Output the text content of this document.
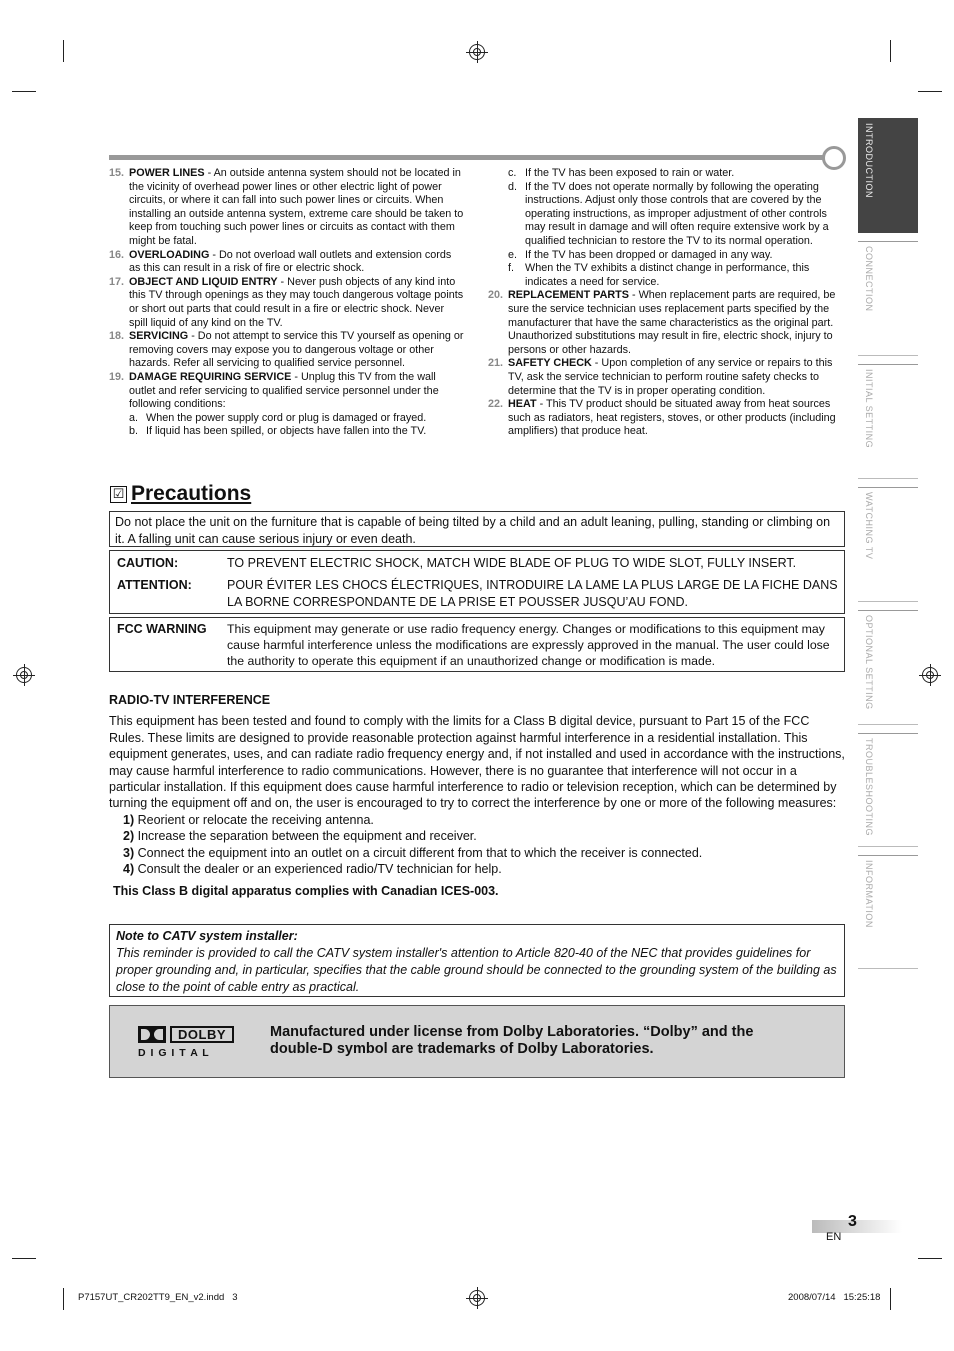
INTRODUCTION
CONNECTION
INITIAL SETTING
WATCHING TV
OPTIONAL SETTING
TROUBLESHOOTING
INFORMATION
15. POWER LINES - An outside antenna system should not be located in the vicinity of overhead power lines or other electric light of power circuits, or where it can fall into such power lines or circuits. When installing an outside antenna system, extreme care should be taken to keep from touching such power lines or circuits as contact with them might be fatal.
16. OVERLOADING - Do not overload wall outlets and extension cords as this can result in a risk of fire or electric shock.
17. OBJECT AND LIQUID ENTRY - Never push objects of any kind into this TV through openings as they may touch dangerous voltage points or short out parts that could result in a fire or electric shock. Never spill liquid of any kind on the TV.
18. SERVICING - Do not attempt to service this TV yourself as opening or removing covers may expose you to dangerous voltage or other hazards. Refer all servicing to qualified service personnel.
19. DAMAGE REQUIRING SERVICE - Unplug this TV from the wall outlet and refer servicing to qualified service personnel under the following conditions:
a. When the power supply cord or plug is damaged or frayed.
b. If liquid has been spilled, or objects have fallen into the TV.
c. If the TV has been exposed to rain or water.
d. If the TV does not operate normally by following the operating instructions. Adjust only those controls that are covered by the operating instructions, as improper adjustment of other controls may result in damage and will often require extensive work by a qualified technician to restore the TV to its normal operation.
e. If the TV has been dropped or damaged in any way.
f. When the TV exhibits a distinct change in performance, this indicates a need for service.
20. REPLACEMENT PARTS - When replacement parts are required, be sure the service technician uses replacement parts specified by the manufacturer that have the same characteristics as the original part. Unauthorized substitutions may result in fire, electric shock, injury to persons or other hazards.
21. SAFETY CHECK - Upon completion of any service or repairs to this TV, ask the service technician to perform routine safety checks to determine that the TV is in proper operating condition.
22. HEAT - This TV product should be situated away from heat sources such as radiators, heat registers, stoves, or other products (including amplifiers) that produce heat.
☑ Precautions
Do not place the unit on the furniture that is capable of being tilted by a child and an adult leaning, pulling, standing or climbing on it. A falling unit can cause serious injury or even death.
CAUTION:	TO PREVENT ELECTRIC SHOCK, MATCH WIDE BLADE OF PLUG TO WIDE SLOT, FULLY INSERT.
ATTENTION:	POUR ÉVITER LES CHOCS ÉLECTRIQUES, INTRODUIRE LA LAME LA PLUS LARGE DE LA FICHE DANS LA BORNE CORRESPONDANTE DE LA PRISE ET POUSSER JUSQU’AU FOND.
FCC WARNING This equipment may generate or use radio frequency energy. Changes or modifications to this equipment may cause harmful interference unless the modifications are expressly approved in the manual. The user could lose the authority to operate this equipment if an unauthorized change or modification is made.
RADIO-TV INTERFERENCE
This equipment has been tested and found to comply with the limits for a Class B digital device, pursuant to Part 15 of the FCC Rules. These limits are designed to provide reasonable protection against harmful interference in a residential installation. This equipment generates, uses, and can radiate radio frequency energy and, if not installed and used in accordance with the instructions, may cause harmful interference to radio communications. However, there is no guarantee that interference will not occur in a particular installation. If this equipment does cause harmful interference to radio or television reception, which can be determined by turning the equipment off and on, the user is encouraged to try to correct the interference by one or more of the following measures:
1) Reorient or relocate the receiving antenna.
2) Increase the separation between the equipment and receiver.
3) Connect the equipment into an outlet on a circuit different from that to which the receiver is connected.
4) Consult the dealer or an experienced radio/TV technician for help.
This Class B digital apparatus complies with Canadian ICES-003.
Note to CATV system installer:
This reminder is provided to call the CATV system installer's attention to Article 820-40 of the NEC that provides guidelines for proper grounding and, in particular, specifies that the cable ground should be connected to the grounding system of the building as close to the point of cable entry as practical.
DOLBY
D I G I T A L
Manufactured under license from Dolby Laboratories. “Dolby” and the double-D symbol are trademarks of Dolby Laboratories.
3
EN
P7157UT_CR202TT9_EN_v2.indd   3	2008/07/14   15:25:18
